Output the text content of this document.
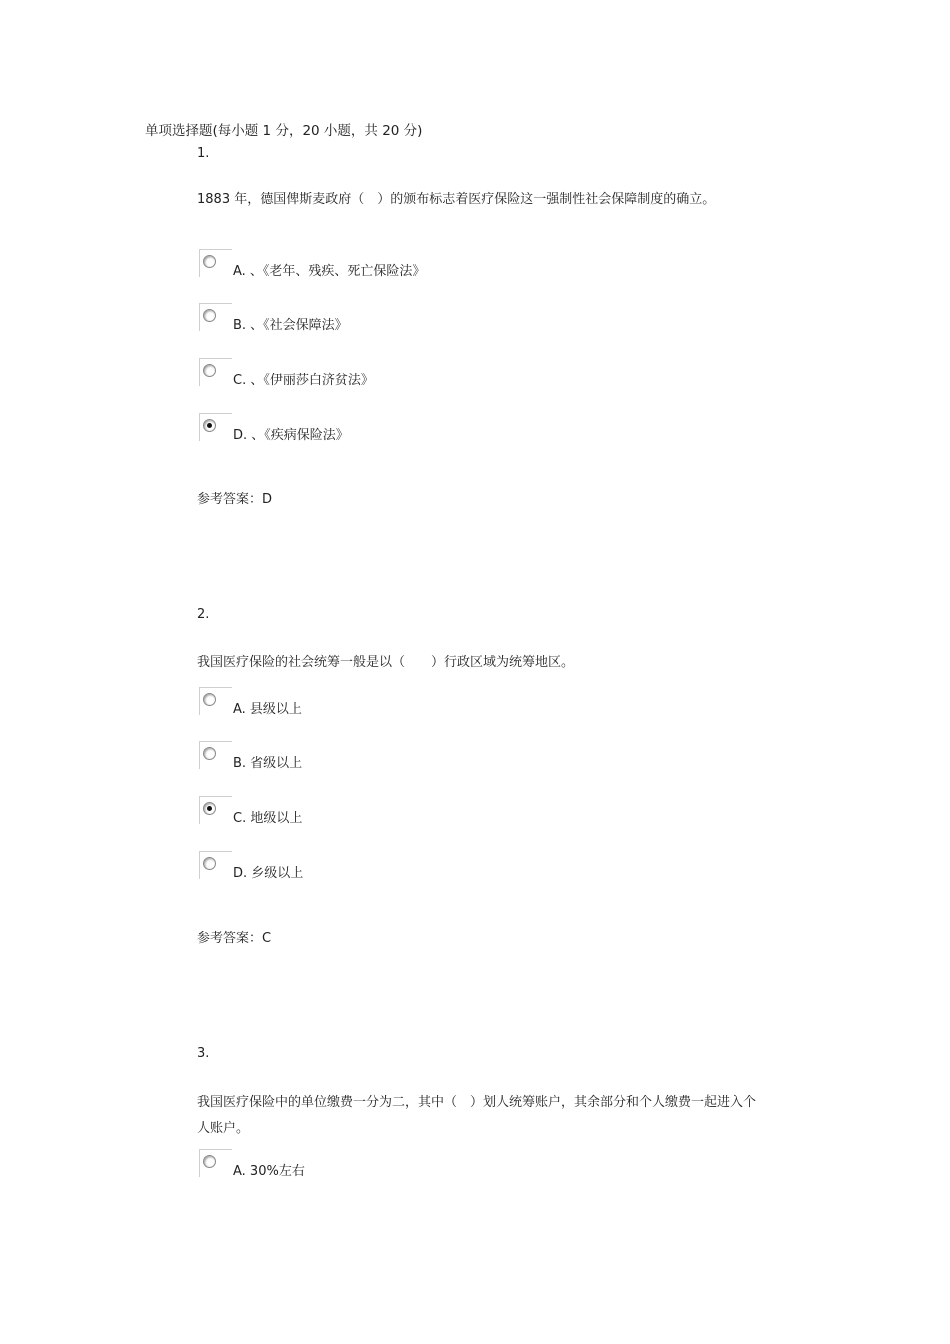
单项选择题(每小题 1 分，20 小题，共 20 分)
1.
1883 年，德国俾斯麦政府（　）的颁布标志着医疗保险这一强制性社会保障制度的确立。
A. 、《老年、残疾、死亡保险法》
B. 、《社会保障法》
C. 、《伊丽莎白济贫法》
D. 、《疾病保险法》
参考答案：D
2.
我国医疗保险的社会统筹一般是以（　　）行政区域为统筹地区。
A. 县级以上
B. 省级以上
C. 地级以上
D. 乡级以上
参考答案：C
3.
我国医疗保险中的单位缴费一分为二，其中（　）划人统筹账户，其余部分和个人缴费一起进入个人账户。
A. 30%左右
